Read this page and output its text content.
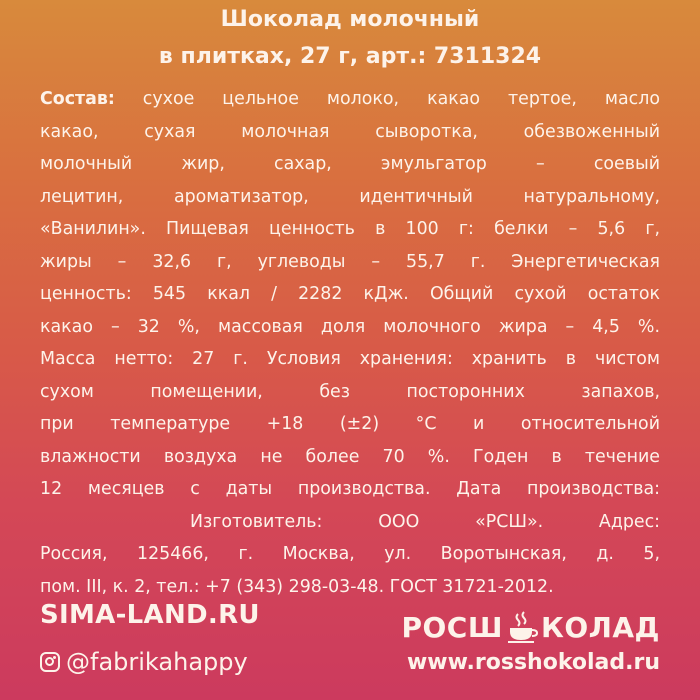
Шоколад молочный
в плитках, 27 г, арт.: 7311324
Состав: сухое цельное молоко, какао тертое, масло
какао, сухая молочная сыворотка, обезвоженный
молочный жир, сахар, эмульгатор – соевый
лецитин, ароматизатор, идентичный натуральному,
«Ванилин». Пищевая ценность в 100 г: белки – 5,6 г,
жиры – 32,6 г, углеводы – 55,7 г. Энергетическая
ценность: 545 ккал / 2282 кДж. Общий сухой остаток
какао – 32 %, массовая доля молочного жира – 4,5 %.
Масса нетто: 27 г. Условия хранения: хранить в чистом
сухом помещении, без посторонних запахов,
при температуре +18 (±2) °С и относительной
влажности воздуха не более 70 %. Годен в течение
12 месяцев с даты производства. Дата производства:
Изготовитель: ООО «РСШ». Адрес:
Россия, 125466, г. Москва, ул. Воротынская, д. 5,
пом. III, к. 2, тел.: +7 (343) 298-03-48. ГОСТ 31721-2012.
SIMA-LAND.RU
@fabrikahappy
РОСШ КОЛАД
www.rosshokolad.ru
